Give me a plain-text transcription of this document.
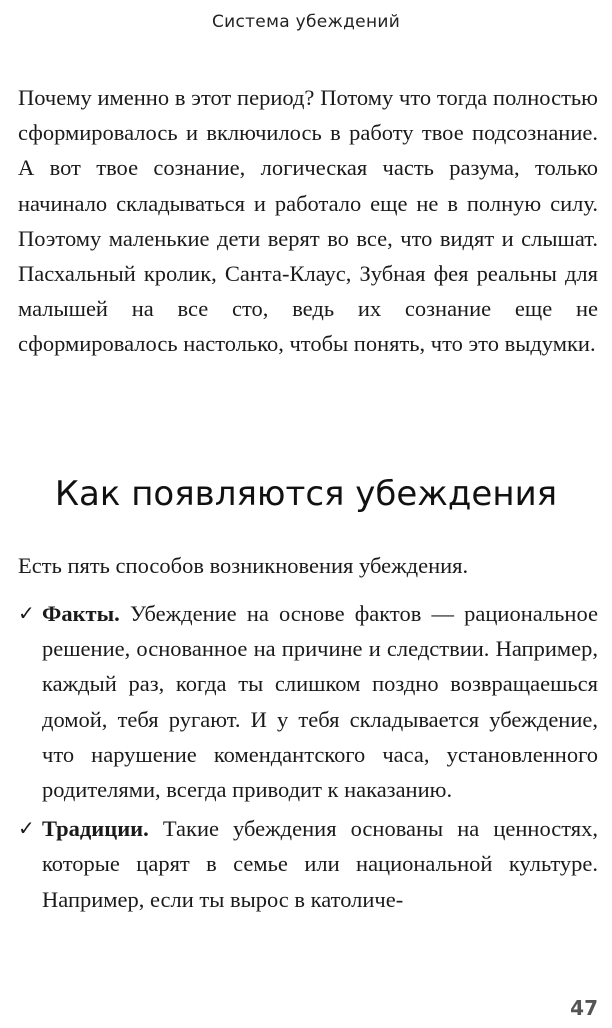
Система убеждений

Почему именно в этот период? Потому что тогда полностью сформировалось и включилось в работу твое подсознание. А вот твое сознание, логическая часть разума, только начинало складываться и работало еще не в полную силу. Поэтому маленькие дети верят во все, что видят и слышат. Пасхальный кролик, Санта-Клаус, Зубная фея реальны для малышей на все сто, ведь их сознание еще не сформировалось настолько, чтобы понять, что это выдумки.

Как появляются убеждения

Есть пять способов возникновения убеждения.

✓ Факты. Убеждение на основе фактов — рациональное решение, основанное на причине и следствии. Например, каждый раз, когда ты слишком поздно возвращаешься домой, тебя ругают. И у тебя складывается убеждение, что нарушение комендантского часа, установленного родителями, всегда приводит к наказанию.
✓ Традиции. Такие убеждения основаны на ценностях, которые царят в семье или национальной культуре. Например, если ты вырос в католиче-
47
